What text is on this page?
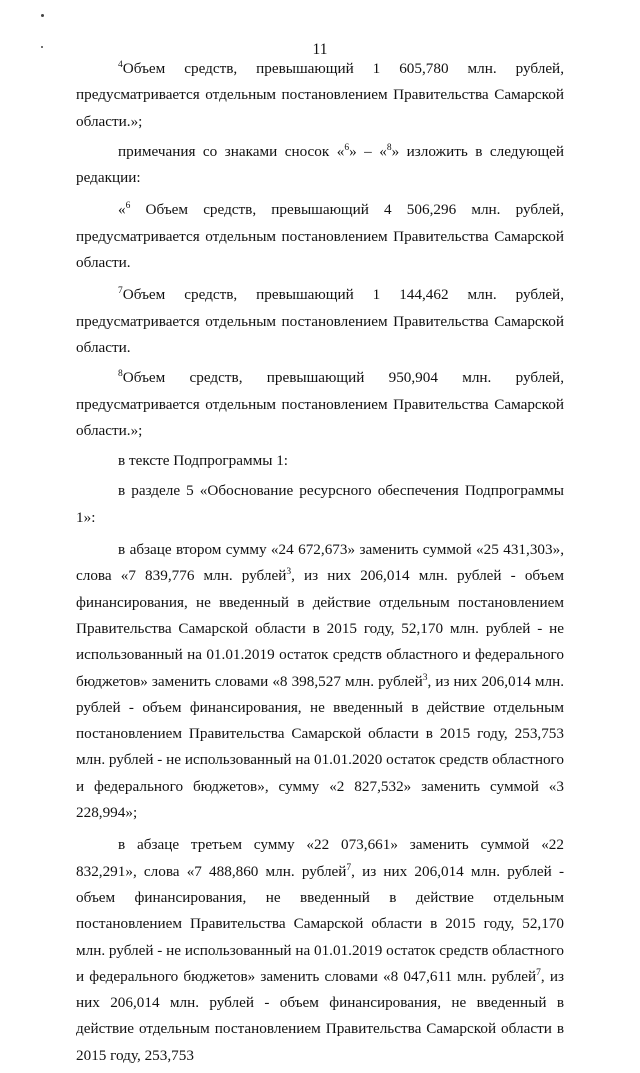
11

$^4$Объем средств, превышающий 1 605,780 млн. рублей, предусматривается отдельным постановлением Правительства Самарской области.»;

примечания со знаками сносок «$^6$» – «$^8$» изложить в следующей редакции:

«$^6$ Объем средств, превышающий 4 506,296 млн. рублей, предусматривается отдельным постановлением Правительства Самарской области.

$^7$Объем средств, превышающий 1 144,462 млн. рублей, предусматривается отдельным постановлением Правительства Самарской области.

$^8$Объем средств, превышающий 950,904 млн. рублей, предусматривается отдельным постановлением Правительства Самарской области.»;

в тексте Подпрограммы 1:

в разделе 5 «Обоснование ресурсного обеспечения Подпрограммы 1»:

в абзаце втором сумму «24 672,673» заменить суммой «25 431,303», слова «7 839,776 млн. рублей$^3$, из них 206,014 млн. рублей - объем финансирования, не введенный в действие отдельным постановлением Правительства Самарской области в 2015 году, 52,170 млн. рублей - не использованный на 01.01.2019 остаток средств областного и федерального бюджетов» заменить словами «8 398,527 млн. рублей$^3$, из них 206,014 млн. рублей - объем финансирования, не введенный в действие отдельным постановлением Правительства Самарской области в 2015 году, 253,753 млн. рублей - не использованный на 01.01.2020 остаток средств областного и федерального бюджетов», сумму «2 827,532» заменить суммой «3 228,994»;

в абзаце третьем сумму «22 073,661» заменить суммой «22 832,291», слова «7 488,860 млн. рублей$^7$, из них 206,014 млн. рублей - объем финансирования, не введенный в действие отдельным постановлением Правительства Самарской области в 2015 году, 52,170 млн. рублей - не использованный на 01.01.2019 остаток средств областного и федерального бюджетов» заменить словами «8 047,611 млн. рублей$^7$, из них 206,014 млн. рублей - объем финансирования, не введенный в действие отдельным постановлением Правительства Самарской области в 2015 году, 253,753
